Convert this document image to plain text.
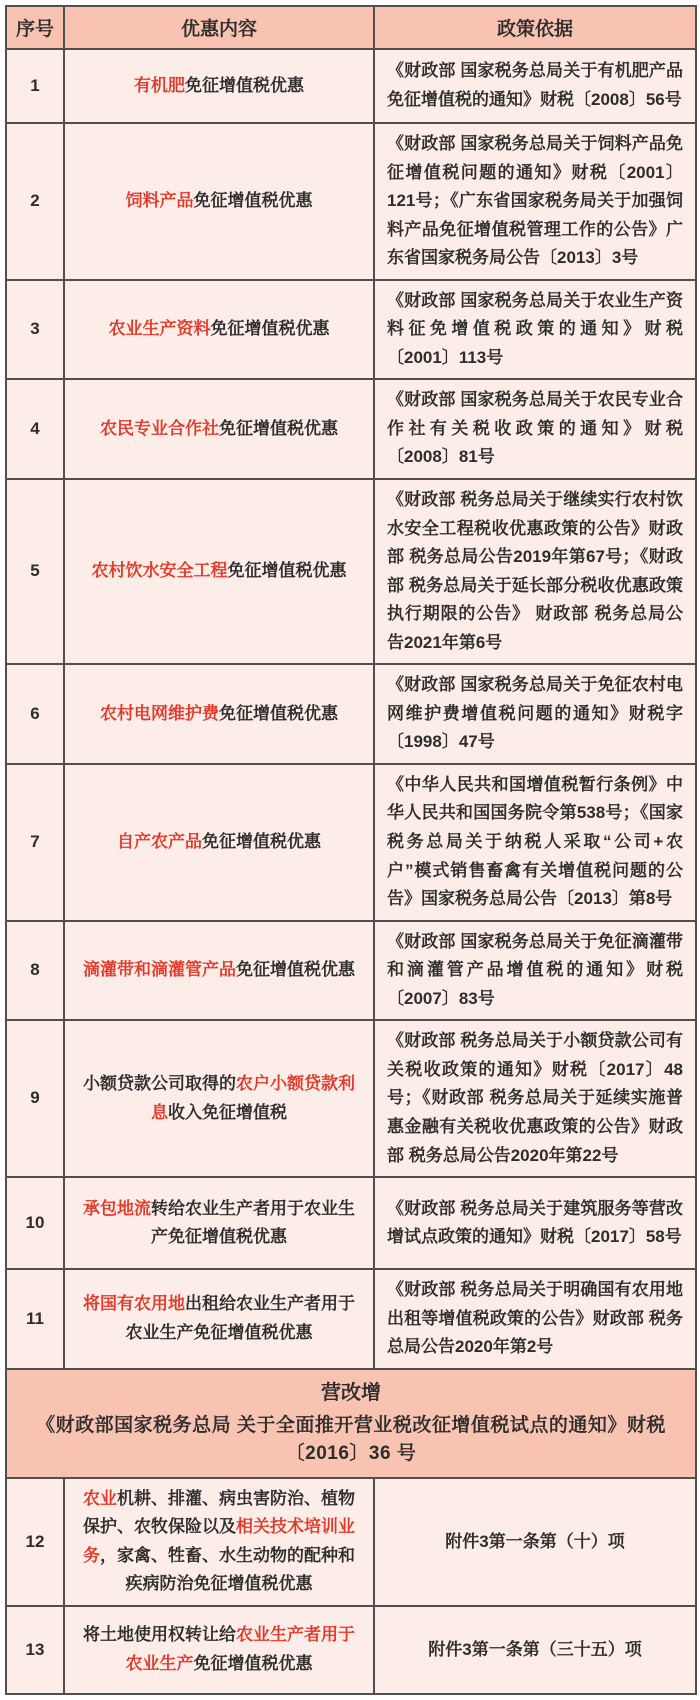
序号	优惠内容	政策依据
1	有机肥免征增值税优惠	《财政部 国家税务总局关于有机肥产品免征增值税的通知》财税〔2008〕56号
2	饲料产品免征增值税优惠	《财政部 国家税务总局关于饲料产品免征增值税问题的通知》财税〔2001〕121号；《广东省国家税务局关于加强饲料产品免征增值税管理工作的公告》广东省国家税务局公告〔2013〕3号
3	农业生产资料免征增值税优惠	《财政部 国家税务总局关于农业生产资料征免增值税政策的通知》财税〔2001〕113号
4	农民专业合作社免征增值税优惠	《财政部 国家税务总局关于农民专业合作社有关税收政策的通知》财税〔2008〕81号
5	农村饮水安全工程免征增值税优惠	《财政部 税务总局关于继续实行农村饮水安全工程税收优惠政策的公告》财政部 税务总局公告2019年第67号；《财政部 税务总局关于延长部分税收优惠政策执行期限的公告》 财政部 税务总局公告2021年第6号
6	农村电网维护费免征增值税优惠	《财政部 国家税务总局关于免征农村电网维护费增值税问题的通知》财税字〔1998〕47号
7	自产农产品免征增值税优惠	《中华人民共和国增值税暂行条例》中华人民共和国国务院令第538号；《国家税务总局关于纳税人采取“公司+农户”模式销售畜禽有关增值税问题的公告》国家税务总局公告〔2013〕第8号
8	滴灌带和滴灌管产品免征增值税优惠	《财政部 国家税务总局关于免征滴灌带和滴灌管产品增值税的通知》财税〔2007〕83号
9	小额贷款公司取得的农户小额贷款利息收入免征增值税	《财政部 税务总局关于小额贷款公司有关税收政策的通知》财税〔2017〕48号；《财政部 税务总局关于延续实施普惠金融有关税收优惠政策的公告》财政部 税务总局公告2020年第22号
10	承包地流转给农业生产者用于农业生产免征增值税优惠	《财政部 税务总局关于建筑服务等营改增试点政策的通知》财税〔2017〕58号
11	将国有农用地出租给农业生产者用于农业生产免征增值税优惠	《财政部 税务总局关于明确国有农用地出租等增值税政策的公告》财政部 税务总局公告2020年第2号

营改增
《财政部国家税务总局 关于全面推开营业税改征增值税试点的通知》财税〔2016〕36 号		

12	农业机耕、排灌、病虫害防治、植物保护、农牧保险以及相关技术培训业务，家禽、牲畜、水生动物的配种和疾病防治免征增值税优惠	附件3第一条第（十）项
13	将土地使用权转让给农业生产者用于农业生产免征增值税优惠	附件3第一条第（三十五）项
